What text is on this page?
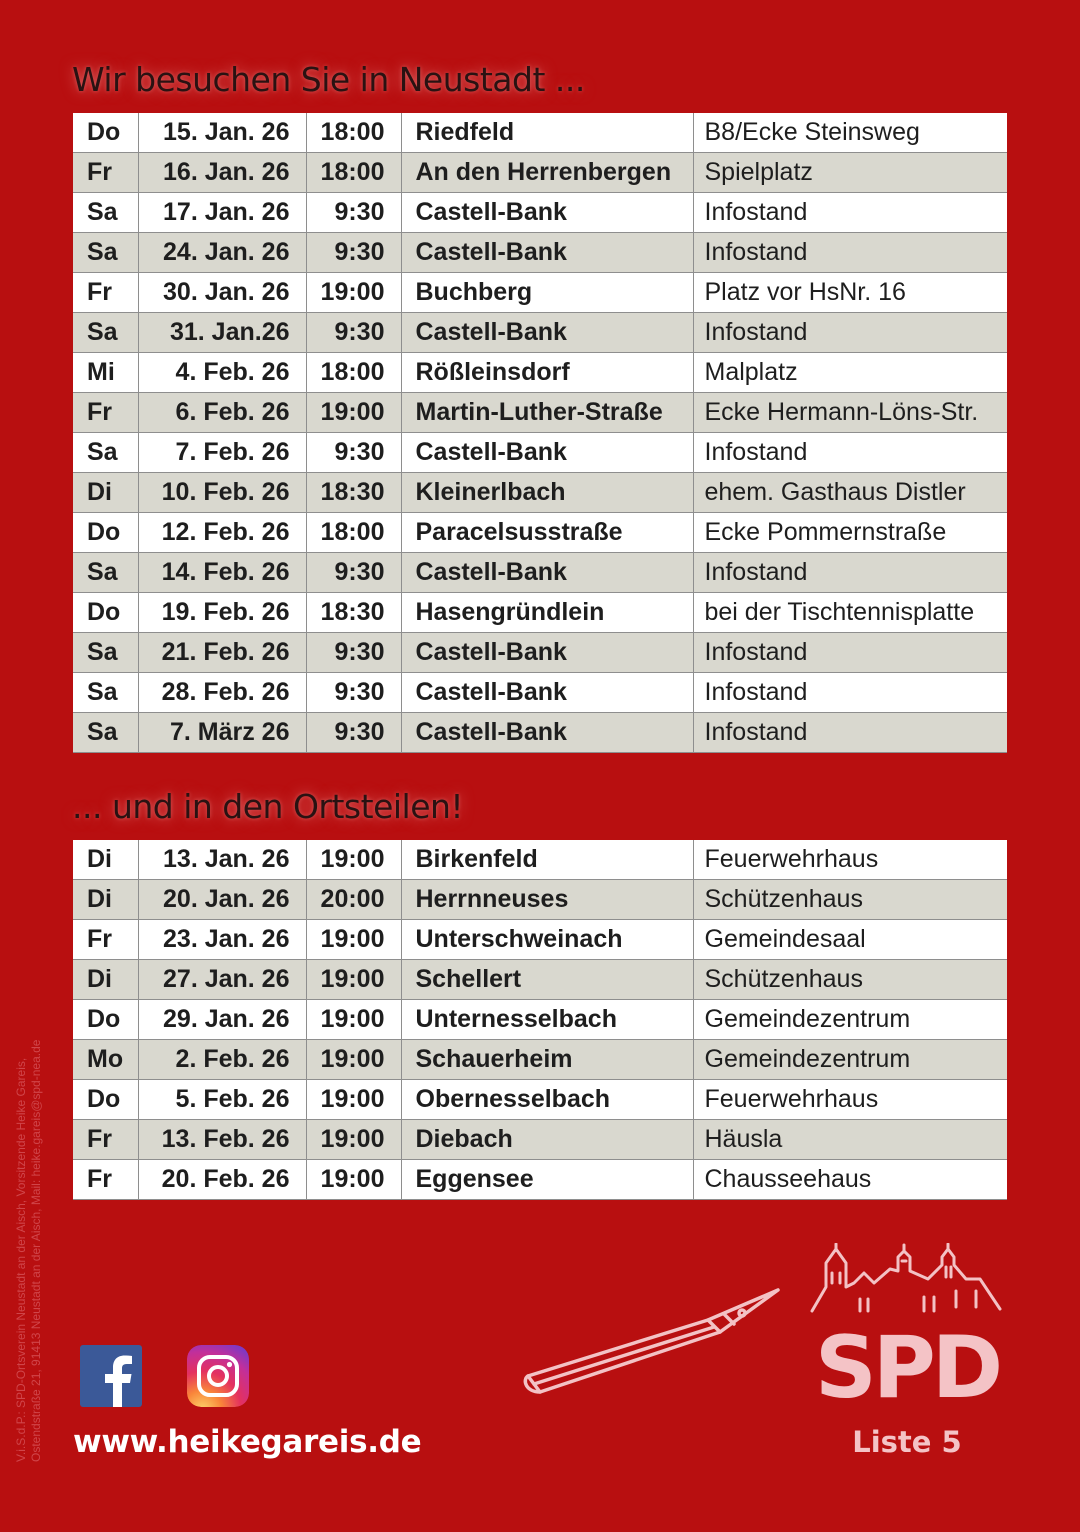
Wir besuchen Sie in Neustadt ...
Do	15. Jan. 26	18:00	Riedfeld	B8/Ecke Steinsweg
Fr	16. Jan. 26	18:00	An den Herrenbergen	Spielplatz
Sa	17. Jan. 26	9:30	Castell-Bank	Infostand
Sa	24. Jan. 26	9:30	Castell-Bank	Infostand
Fr	30. Jan. 26	19:00	Buchberg	Platz vor HsNr. 16
Sa	31. Jan.26	9:30	Castell-Bank	Infostand
Mi	4. Feb. 26	18:00	Rößleinsdorf	Malplatz
Fr	6. Feb. 26	19:00	Martin-Luther-Straße	Ecke Hermann-Löns-Str.
Sa	7. Feb. 26	9:30	Castell-Bank	Infostand
Di	10. Feb. 26	18:30	Kleinerlbach	ehem. Gasthaus Distler
Do	12. Feb. 26	18:00	Paracelsusstraße	Ecke Pommernstraße
Sa	14. Feb. 26	9:30	Castell-Bank	Infostand
Do	19. Feb. 26	18:30	Hasengründlein	bei der Tischtennisplatte
Sa	21. Feb. 26	9:30	Castell-Bank	Infostand
Sa	28. Feb. 26	9:30	Castell-Bank	Infostand
Sa	7. März 26	9:30	Castell-Bank	Infostand
... und in den Ortsteilen!
Di	13. Jan. 26	19:00	Birkenfeld	Feuerwehrhaus
Di	20. Jan. 26	20:00	Herrnneuses	Schützenhaus
Fr	23. Jan. 26	19:00	Unterschweinach	Gemeindesaal
Di	27. Jan. 26	19:00	Schellert	Schützenhaus
Do	29. Jan. 26	19:00	Unternesselbach	Gemeindezentrum
Mo	2. Feb. 26	19:00	Schauerheim	Gemeindezentrum
Do	5. Feb. 26	19:00	Obernesselbach	Feuerwehrhaus
Fr	13. Feb. 26	19:00	Diebach	Häusla
Fr	20. Feb. 26	19:00	Eggensee	Chausseehaus
V.i.S.d.P.: SPD-Ortsverein Neustadt an der Aisch, Vorsitzende Heike Gareis, Ostendstraße 21, 91413 Neustadt an der Aisch, Mail: heike.gareis@spd-nea.de www.heikegareis.de
SPD
Liste 5
